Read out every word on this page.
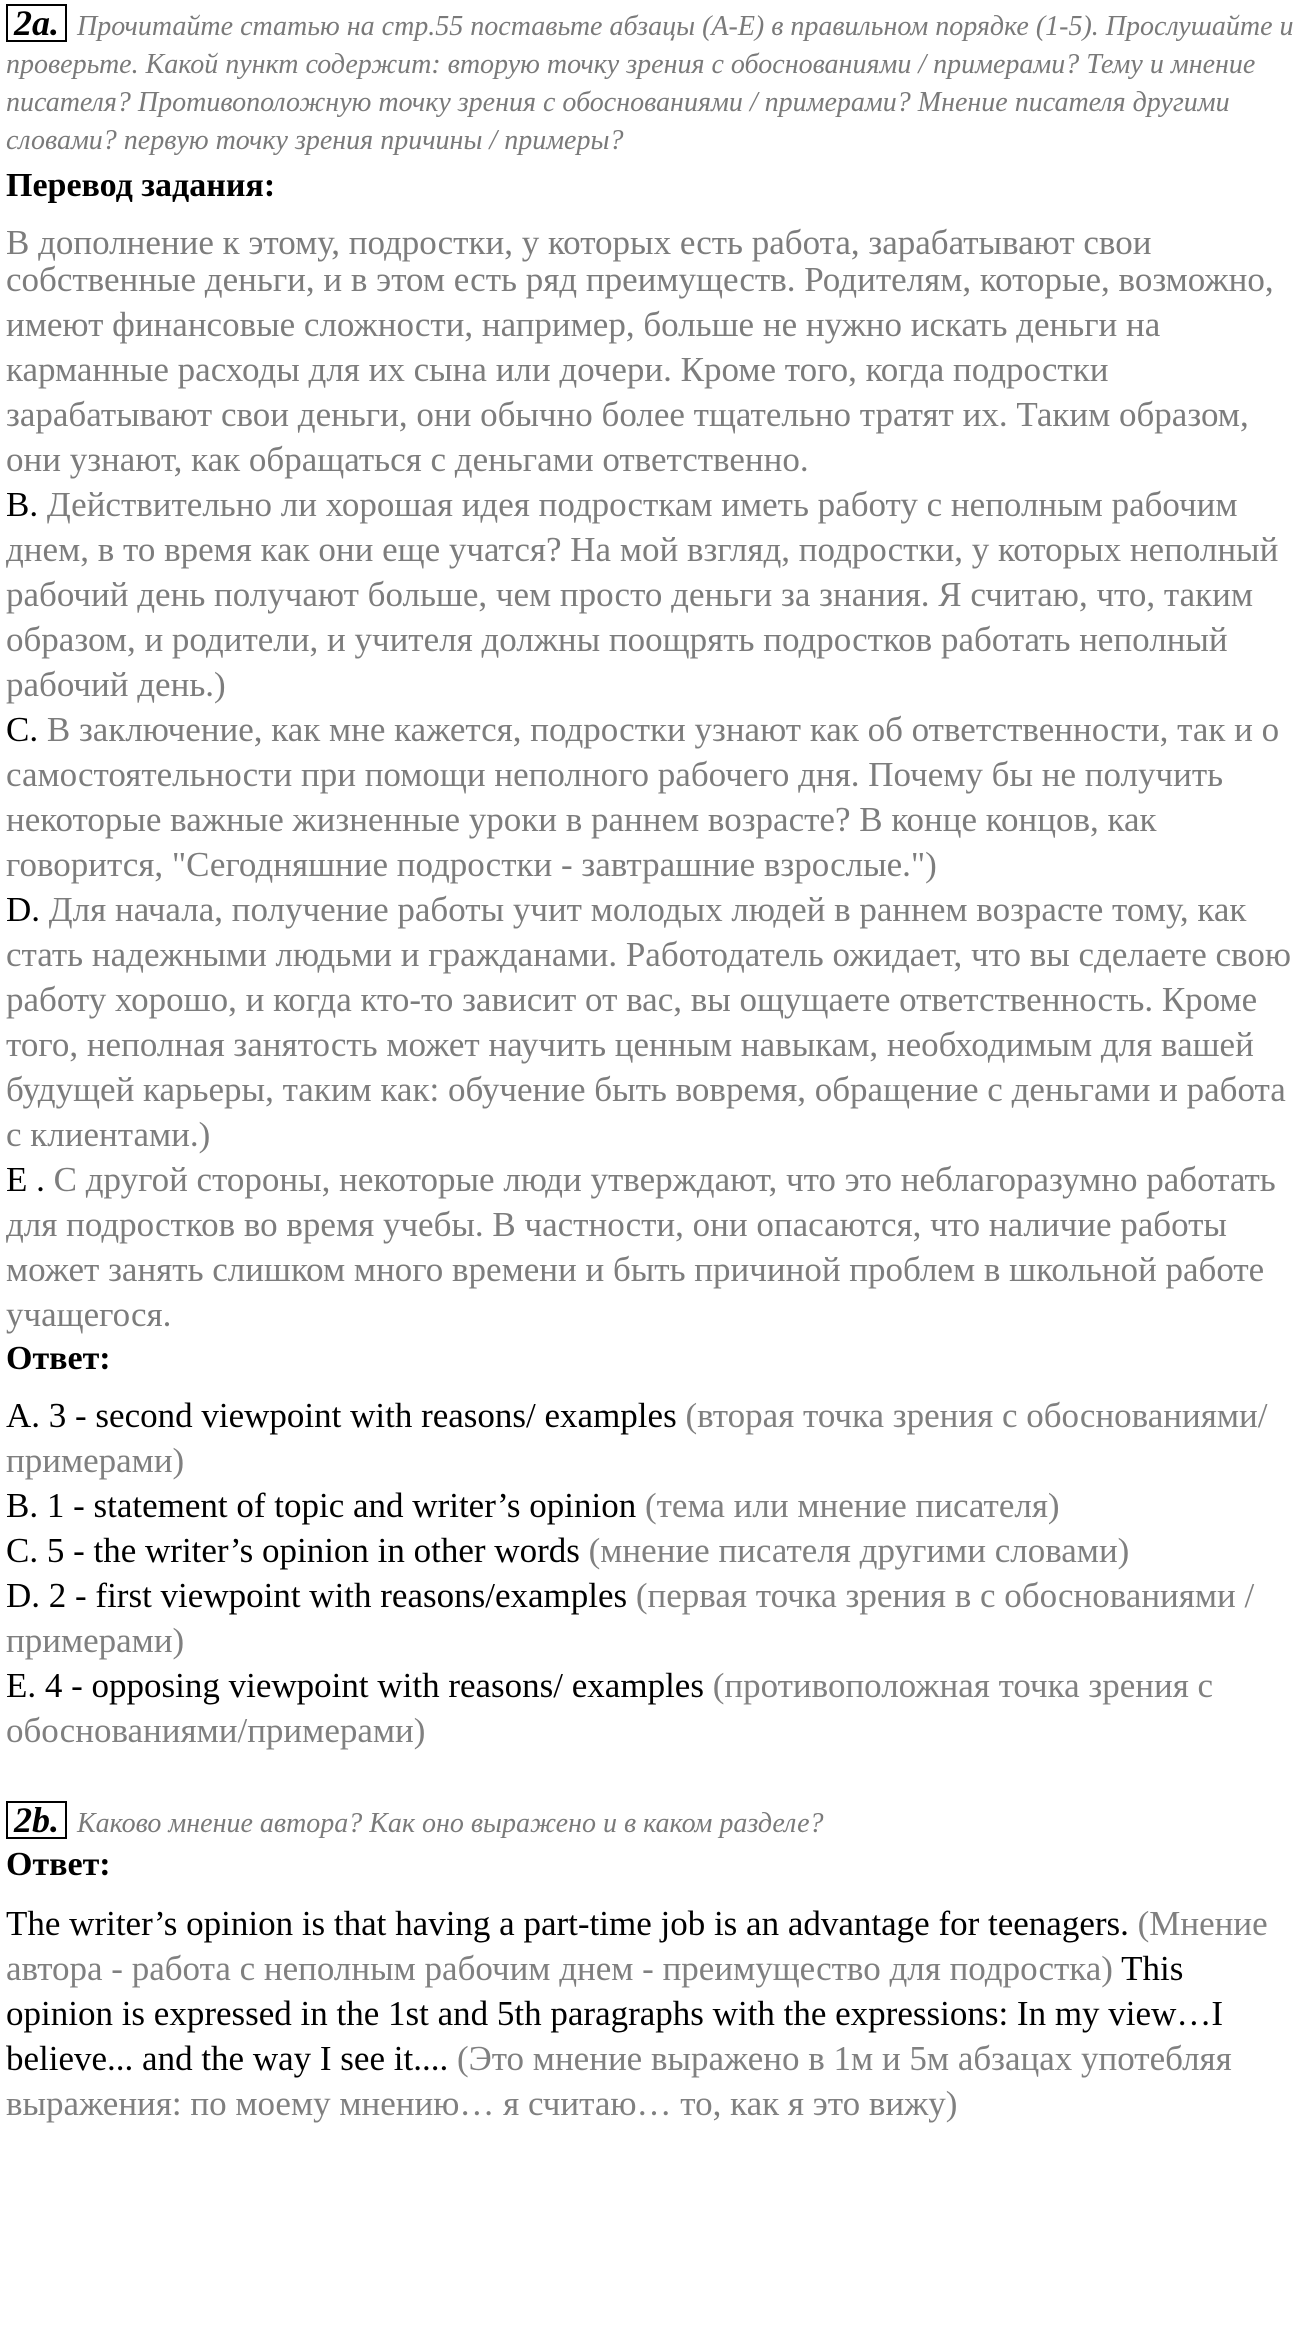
2a. Прочитайте статью на стр.55 поставьте абзацы (A-E) в правильном порядке (1-5). Прослушайте и проверьте. Какой пункт содержит: вторую точку зрения с обоснованиями / примерами? Тему и мнение писателя? Противоположную точку зрения с обоснованиями / примерами? Мнение писателя другими словами? первую точку зрения причины / примеры?
Перевод задания:

В дополнение к этому, подростки, у которых есть работа, зарабатывают свои

собственные деньги, и в этом есть ряд преимуществ. Родителям, которые, возможно, имеют финансовые сложности, например, больше не нужно искать деньги на карманные расходы для их сына или дочери. Кроме того, когда подростки зарабатывают свои деньги, они обычно более тщательно тратят их. Таким образом, они узнают, как обращаться с деньгами ответственно.

B. Действительно ли хорошая идея подросткам иметь работу с неполным рабочим днем, в то время как они еще учатся? На мой взгляд, подростки, у которых неполный рабочий день получают больше, чем просто деньги за знания. Я считаю, что, таким образом, и родители, и учителя должны поощрять подростков работать неполный рабочий день.)

C. В заключение, как мне кажется, подростки узнают как об ответственности, так и о самостоятельности при помощи неполного рабочего дня. Почему бы не получить некоторые важные жизненные уроки в раннем возрасте? В конце концов, как говорится, "Сегодняшние подростки - завтрашние взрослые.")

D. Для начала, получение работы учит молодых людей в раннем возрасте тому, как стать надежными людьми и гражданами. Работодатель ожидает, что вы сделаете свою работу хорошо, и когда кто-то зависит от вас, вы ощущаете ответственность. Кроме того, неполная занятость может научить ценным навыкам, необходимым для вашей будущей карьеры, таким как: обучение быть вовремя, обращение с деньгами и работа с клиентами.)

E . С другой стороны, некоторые люди утверждают, что это неблагоразумно работать для подростков во время учебы. В частности, они опасаются, что наличие работы может занять слишком много времени и быть причиной проблем в школьной работе учащегося.

Ответ:

A. 3 - second viewpoint with reasons/ examples (вторая точка зрения с обоснованиями/примерами)

B. 1 - statement of topic and writer’s opinion (тема или мнение писателя)

C. 5 - the writer’s opinion in other words (мнение писателя другими словами)

D. 2 - first viewpoint with reasons/examples (первая точка зрения в с обоснованиями /примерами)

E. 4 - opposing viewpoint with reasons/ examples (противоположная точка зрения с обоснованиями/примерами)

2b. Каково мнение автора? Как оно выражено и в каком разделе?
Ответ:

The writer’s opinion is that having a part-time job is an advantage for teenagers. (Мнение автора - работа с неполным рабочим днем - преимущество для подростка) This opinion is expressed in the 1st and 5th paragraphs with the expressions: In my view…I believe... and the way I see it.... (Это мнение выражено в 1м и 5м абзацах употебляя выражения: по моему мнению… я считаю… то, как я это вижу)
